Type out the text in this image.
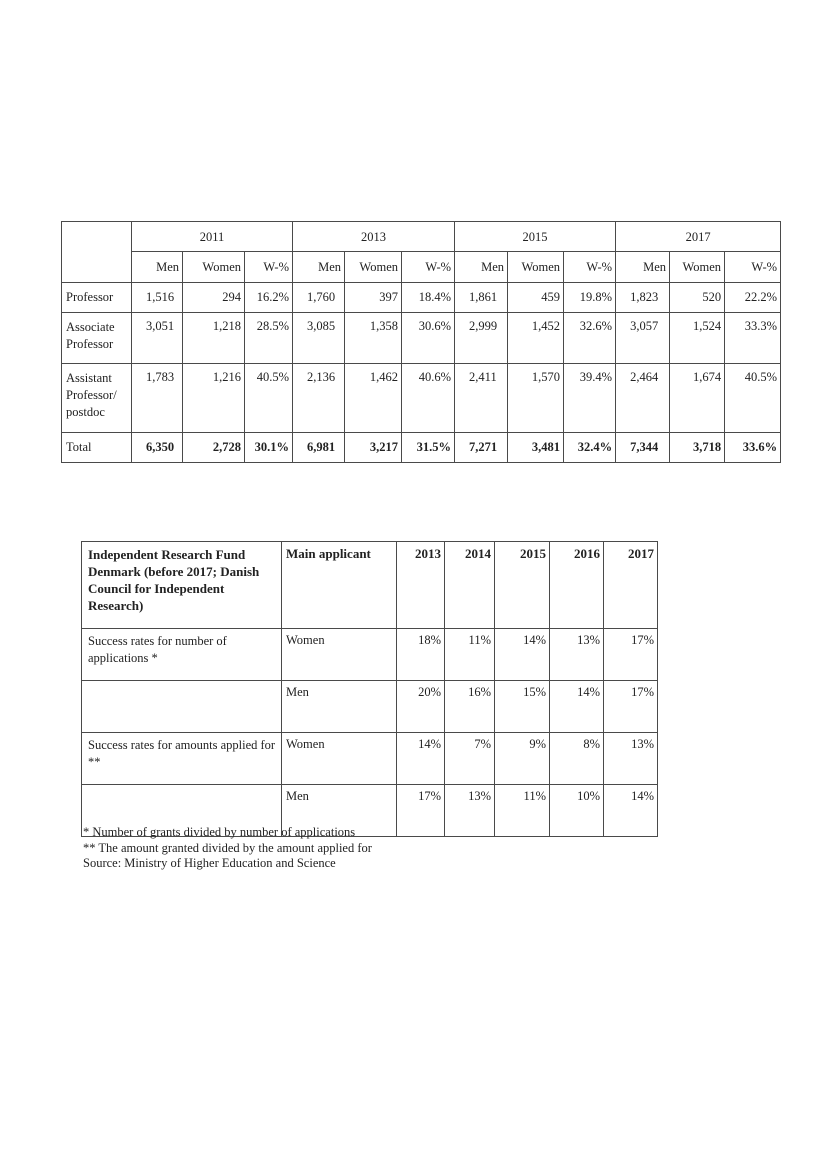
	2011			2013			2015			2017		
	Men	Women	W-%	Men	Women	W-%	Men	Women	W-%	Men	Women	W-%
Professor	1,516	294	16.2%	1,760	397	18.4%	1,861	459	19.8%	1,823	520	22.2%
Associate Professor	3,051	1,218	28.5%	3,085	1,358	30.6%	2,999	1,452	32.6%	3,057	1,524	33.3%
Assistant Professor/ postdoc	1,783	1,216	40.5%	2,136	1,462	40.6%	2,411	1,570	39.4%	2,464	1,674	40.5%
Total	6,350	2,728	30.1%	6,981	3,217	31.5%	7,271	3,481	32.4%	7,344	3,718	33.6%
Independent Research Fund Denmark (before 2017; Danish Council for Independent Research)	Main applicant	2013	2014	2015	2016	2017
Success rates for number of applications *	Women	18%	11%	14%	13%	17%
	Men	20%	16%	15%	14%	17%
Success rates for amounts applied for **	Women	14%	7%	9%	8%	13%
	Men	17%	13%	11%	10%	14%
* Number of grants divided by number of applications
** The amount granted divided by the amount applied for
Source: Ministry of Higher Education and Science
